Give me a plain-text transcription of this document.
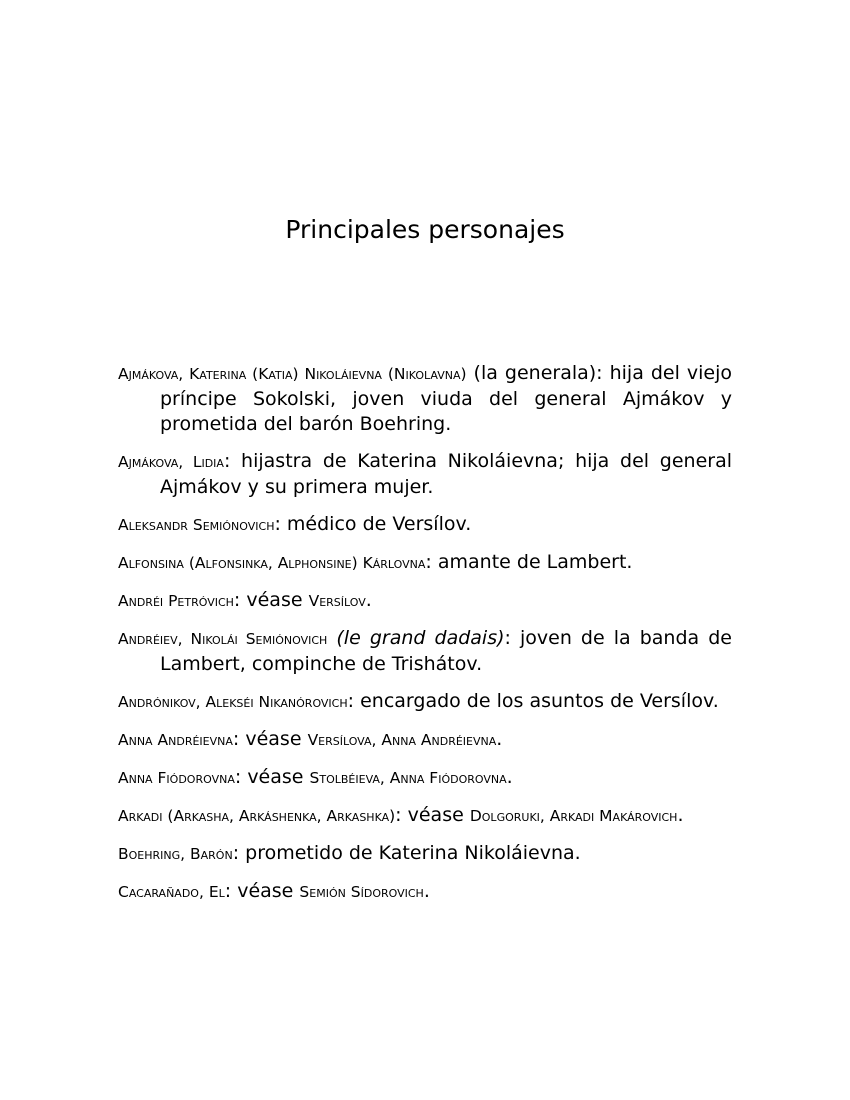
Principales personajes

Ajmákova, Katerina (Katia) Nikoláievna (Nikolavna) (la generala): hija del viejo príncipe Sokolski, joven viuda del general Ajmákov y prometida del barón Boehring.

Ajmákova, Lidia: hijastra de Katerina Nikoláievna; hija del general Ajmákov y su primera mujer.

Aleksandr Semiónovich: médico de Versílov.

Alfonsina (Alfonsinka, Alphonsine) Kárlovna: amante de Lambert.

Andréi Petróvich: véase Versílov.

Andréiev, Nikolái Semiónovich (le grand dadais): joven de la banda de Lambert, compinche de Trishátov.

Andrónikov, Alekséi Nikanórovich: encargado de los asuntos de Versílov.

Anna Andréievna: véase Versílova, Anna Andréievna.

Anna Fiódorovna: véase Stolbéieva, Anna Fiódorovna.

Arkadi (Arkasha, Arkáshenka, Arkashka): véase Dolgoruki, Arkadi Makárovich.

Boehring, Barón: prometido de Katerina Nikoláievna.

Cacarañado, El: véase Semión Sídorovich.
